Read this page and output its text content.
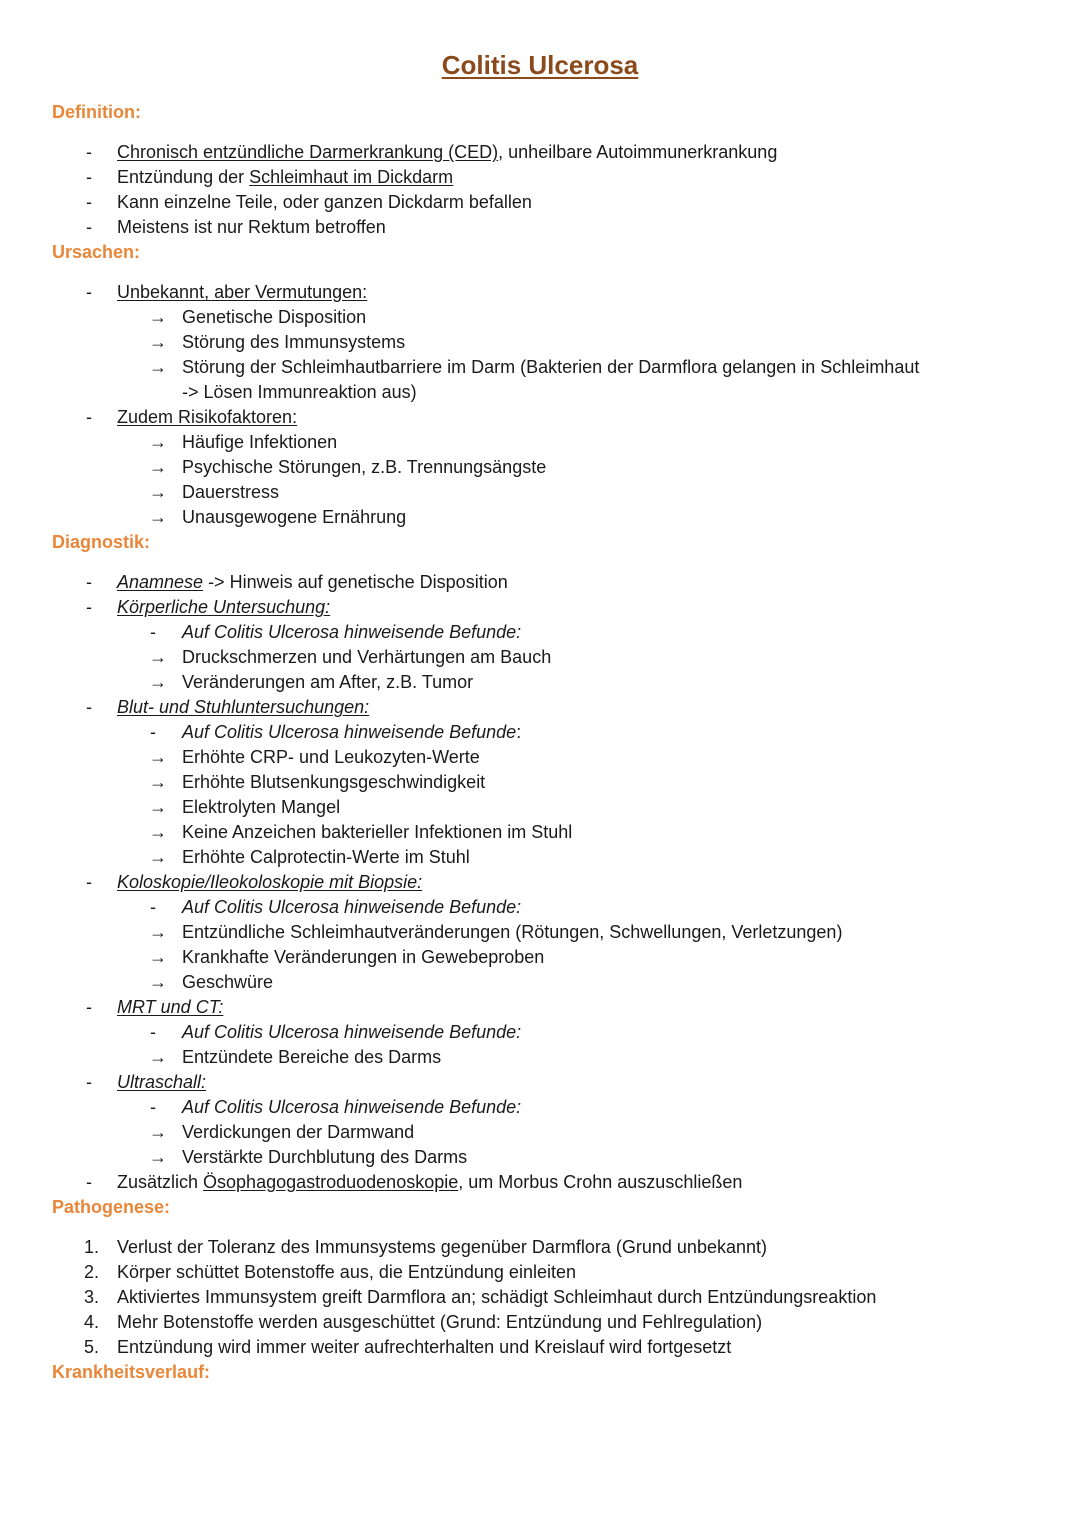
Colitis Ulcerosa
Definition:
- Chronisch entzündliche Darmerkrankung (CED), unheilbare Autoimmunerkrankung
- Entzündung der Schleimhaut im Dickdarm
- Kann einzelne Teile, oder ganzen Dickdarm befallen
- Meistens ist nur Rektum betroffen
Ursachen:
- Unbekannt, aber Vermutungen:
→ Genetische Disposition
→ Störung des Immunsystems
→ Störung der Schleimhautbarriere im Darm (Bakterien der Darmflora gelangen in Schleimhaut
-> Lösen Immunreaktion aus)
- Zudem Risikofaktoren:
→ Häufige Infektionen
→ Psychische Störungen, z.B. Trennungsängste
→ Dauerstress
→ Unausgewogene Ernährung
Diagnostik:
- Anamnese -> Hinweis auf genetische Disposition
- Körperliche Untersuchung:
- Auf Colitis Ulcerosa hinweisende Befunde:
→ Druckschmerzen und Verhärtungen am Bauch
→ Veränderungen am After, z.B. Tumor
- Blut- und Stuhluntersuchungen:
- Auf Colitis Ulcerosa hinweisende Befunde:
→ Erhöhte CRP- und Leukozyten-Werte
→ Erhöhte Blutsenkungsgeschwindigkeit
→ Elektrolyten Mangel
→ Keine Anzeichen bakterieller Infektionen im Stuhl
→ Erhöhte Calprotectin-Werte im Stuhl
- Koloskopie/Ileokoloskopie mit Biopsie:
- Auf Colitis Ulcerosa hinweisende Befunde:
→ Entzündliche Schleimhautveränderungen (Rötungen, Schwellungen, Verletzungen)
→ Krankhafte Veränderungen in Gewebeproben
→ Geschwüre
- MRT und CT:
- Auf Colitis Ulcerosa hinweisende Befunde:
→ Entzündete Bereiche des Darms
- Ultraschall:
- Auf Colitis Ulcerosa hinweisende Befunde:
→ Verdickungen der Darmwand
→ Verstärkte Durchblutung des Darms
- Zusätzlich Ösophagogastroduodenoskopie, um Morbus Crohn auszuschließen
Pathogenese:
1. Verlust der Toleranz des Immunsystems gegenüber Darmflora (Grund unbekannt)
2. Körper schüttet Botenstoffe aus, die Entzündung einleiten
3. Aktiviertes Immunsystem greift Darmflora an; schädigt Schleimhaut durch Entzündungsreaktion
4. Mehr Botenstoffe werden ausgeschüttet (Grund: Entzündung und Fehlregulation)
5. Entzündung wird immer weiter aufrechterhalten und Kreislauf wird fortgesetzt
Krankheitsverlauf:
